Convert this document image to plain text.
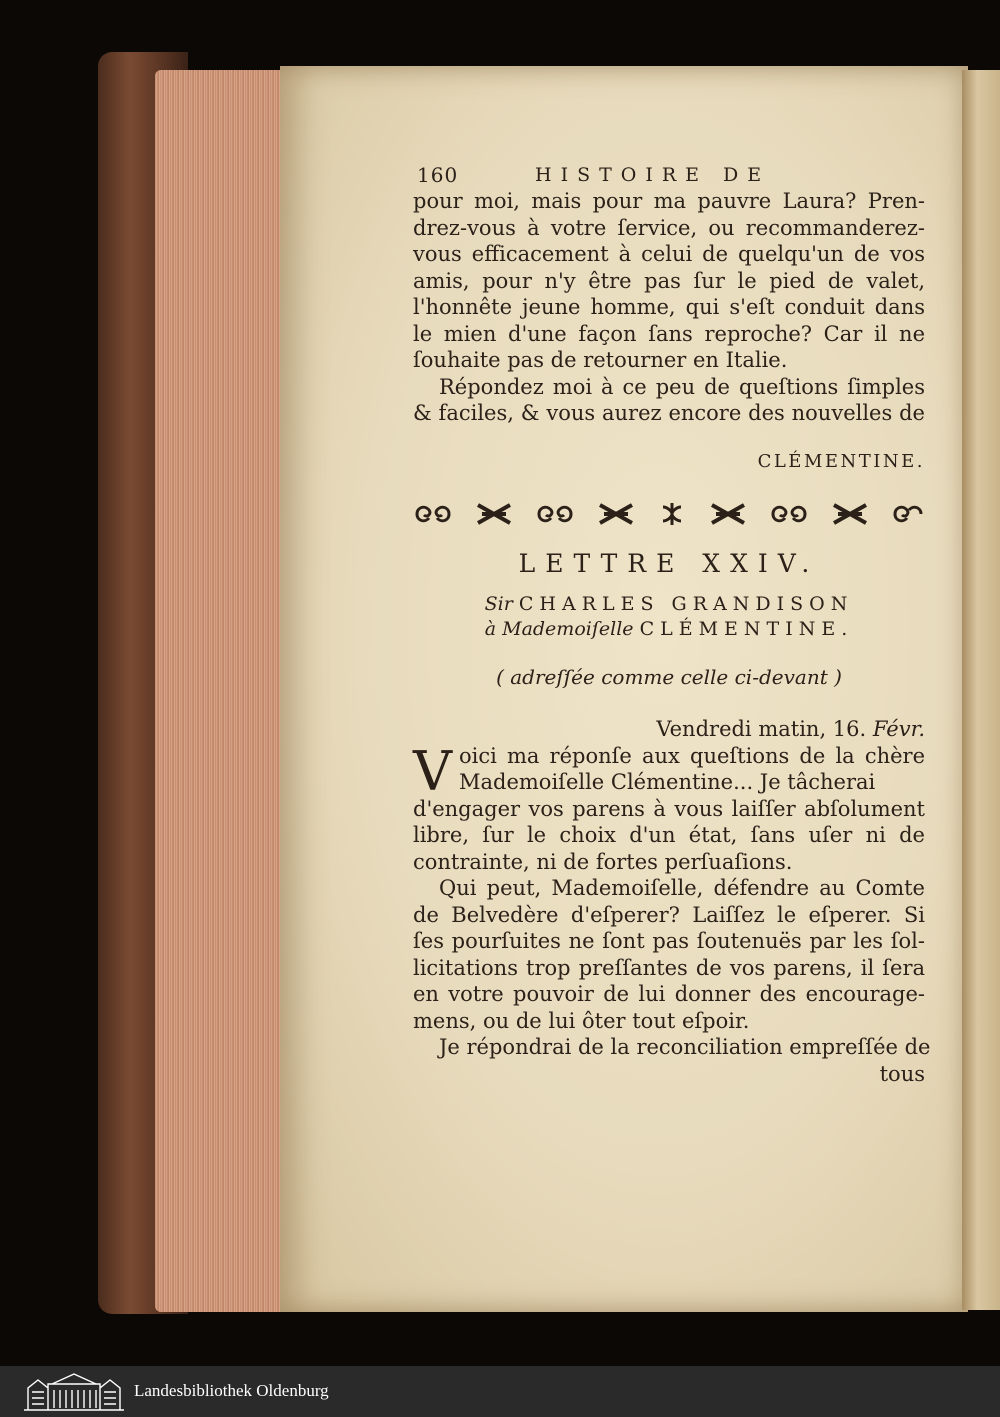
160	HISTOIRE DE
pour moi, mais pour ma pauvre Laura? Pren-
drez-vous à votre ſervice, ou recommanderez-
vous efficacement à celui de quelqu'un de vos
amis, pour n'y être pas ſur le pied de valet,
l'honnête jeune homme, qui s'eſt conduit dans
le mien d'une façon ſans reproche? Car il ne
ſouhaite pas de retourner en Italie.
Répondez moi à ce peu de queſtions ſimples
& faciles, & vous aurez encore des nouvelles de
CLÉMENTINE.
LETTRE XXIV.
Sir CHARLES GRANDISON
à Mademoiſelle CLÉMENTINE.
( adreſſée comme celle ci-devant )
Vendredi matin, 16. Févr.
V oici ma réponſe aux queſtions de la chère
Mademoiſelle Clémentine... Je tâcherai
d'engager vos parens à vous laiſſer abſolument
libre, ſur le choix d'un état, ſans uſer ni de
contrainte, ni de fortes perſuaſions.
Qui peut, Mademoiſelle, défendre au Comte
de Belvedère d'eſperer? Laiſſez le eſperer. Si
ſes pourſuites ne ſont pas ſoutenuës par les ſol-
licitations trop preſſantes de vos parens, il ſera
en votre pouvoir de lui donner des encourage-
mens, ou de lui ôter tout eſpoir.
Je répondrai de la reconciliation empreſſée de
tous
Landesbibliothek Oldenburg
